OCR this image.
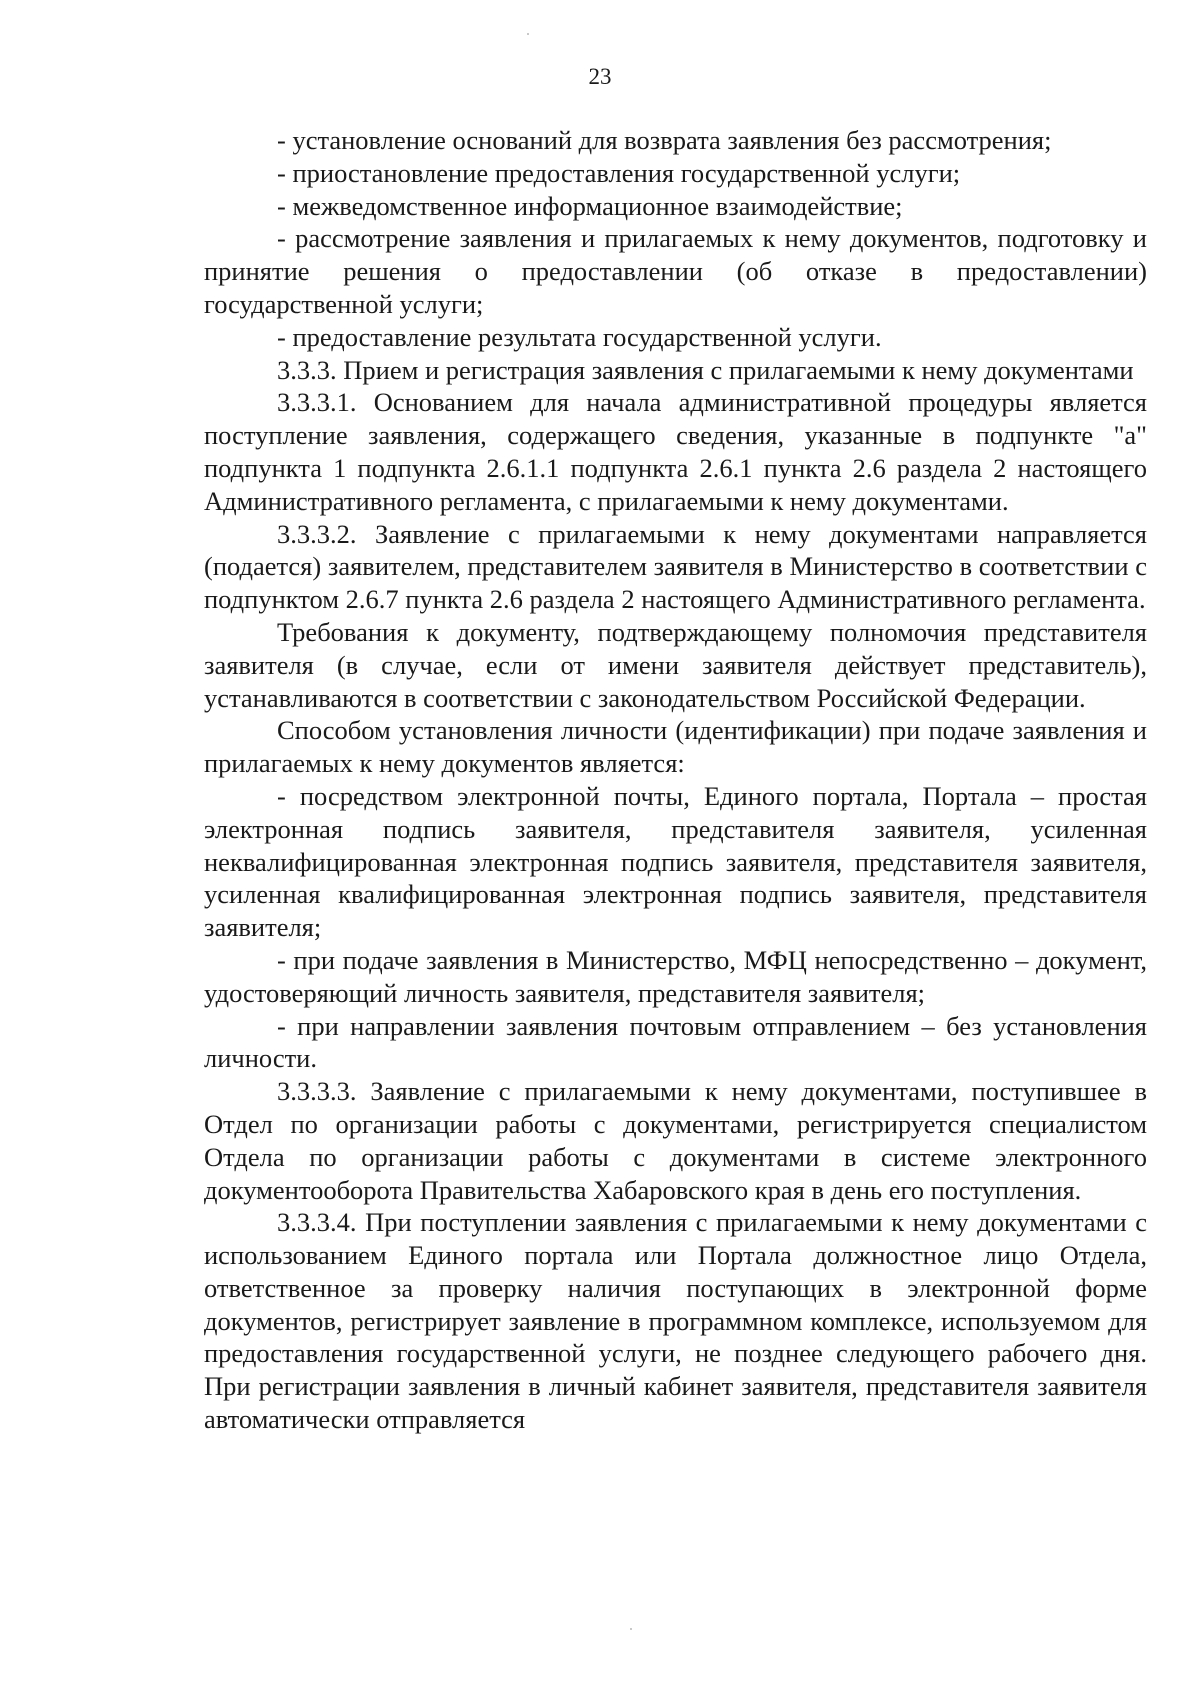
23

- установление оснований для возврата заявления без рассмотрения;

- приостановление предоставления государственной услуги;

- межведомственное информационное взаимодействие;

- рассмотрение заявления и прилагаемых к нему документов, подготовку и принятие решения о предоставлении (об отказе в предоставлении) государственной услуги;

- предоставление результата государственной услуги.

3.3.3. Прием и регистрация заявления с прилагаемыми к нему документами

3.3.3.1. Основанием для начала административной процедуры является поступление заявления, содержащего сведения, указанные в подпункте "а" подпункта 1 подпункта 2.6.1.1 подпункта 2.6.1 пункта 2.6 раздела 2 настоящего Административного регламента, с прилагаемыми к нему документами.

3.3.3.2. Заявление с прилагаемыми к нему документами направляется (подается) заявителем, представителем заявителя в Министерство в соответствии с подпунктом 2.6.7 пункта 2.6 раздела 2 настоящего Административного регламента.

Требования к документу, подтверждающему полномочия представителя заявителя (в случае, если от имени заявителя действует представитель), устанавливаются в соответствии с законодательством Российской Федерации.

Способом установления личности (идентификации) при подаче заявления и прилагаемых к нему документов является:

- посредством электронной почты, Единого портала, Портала – простая электронная подпись заявителя, представителя заявителя, усиленная неквалифицированная электронная подпись заявителя, представителя заявителя, усиленная квалифицированная электронная подпись заявителя, представителя заявителя;

- при подаче заявления в Министерство, МФЦ непосредственно – документ, удостоверяющий личность заявителя, представителя заявителя;

- при направлении заявления почтовым отправлением – без установления личности.

3.3.3.3. Заявление с прилагаемыми к нему документами, поступившее в Отдел по организации работы с документами, регистрируется специалистом Отдела по организации работы с документами в системе электронного документооборота Правительства Хабаровского края в день его поступления.

3.3.3.4. При поступлении заявления с прилагаемыми к нему документами с использованием Единого портала или Портала должностное лицо Отдела, ответственное за проверку наличия поступающих в электронной форме документов, регистрирует заявление в программном комплексе, используемом для предоставления государственной услуги, не позднее следующего рабочего дня. При регистрации заявления в личный кабинет заявителя, представителя заявителя автоматически отправляется
